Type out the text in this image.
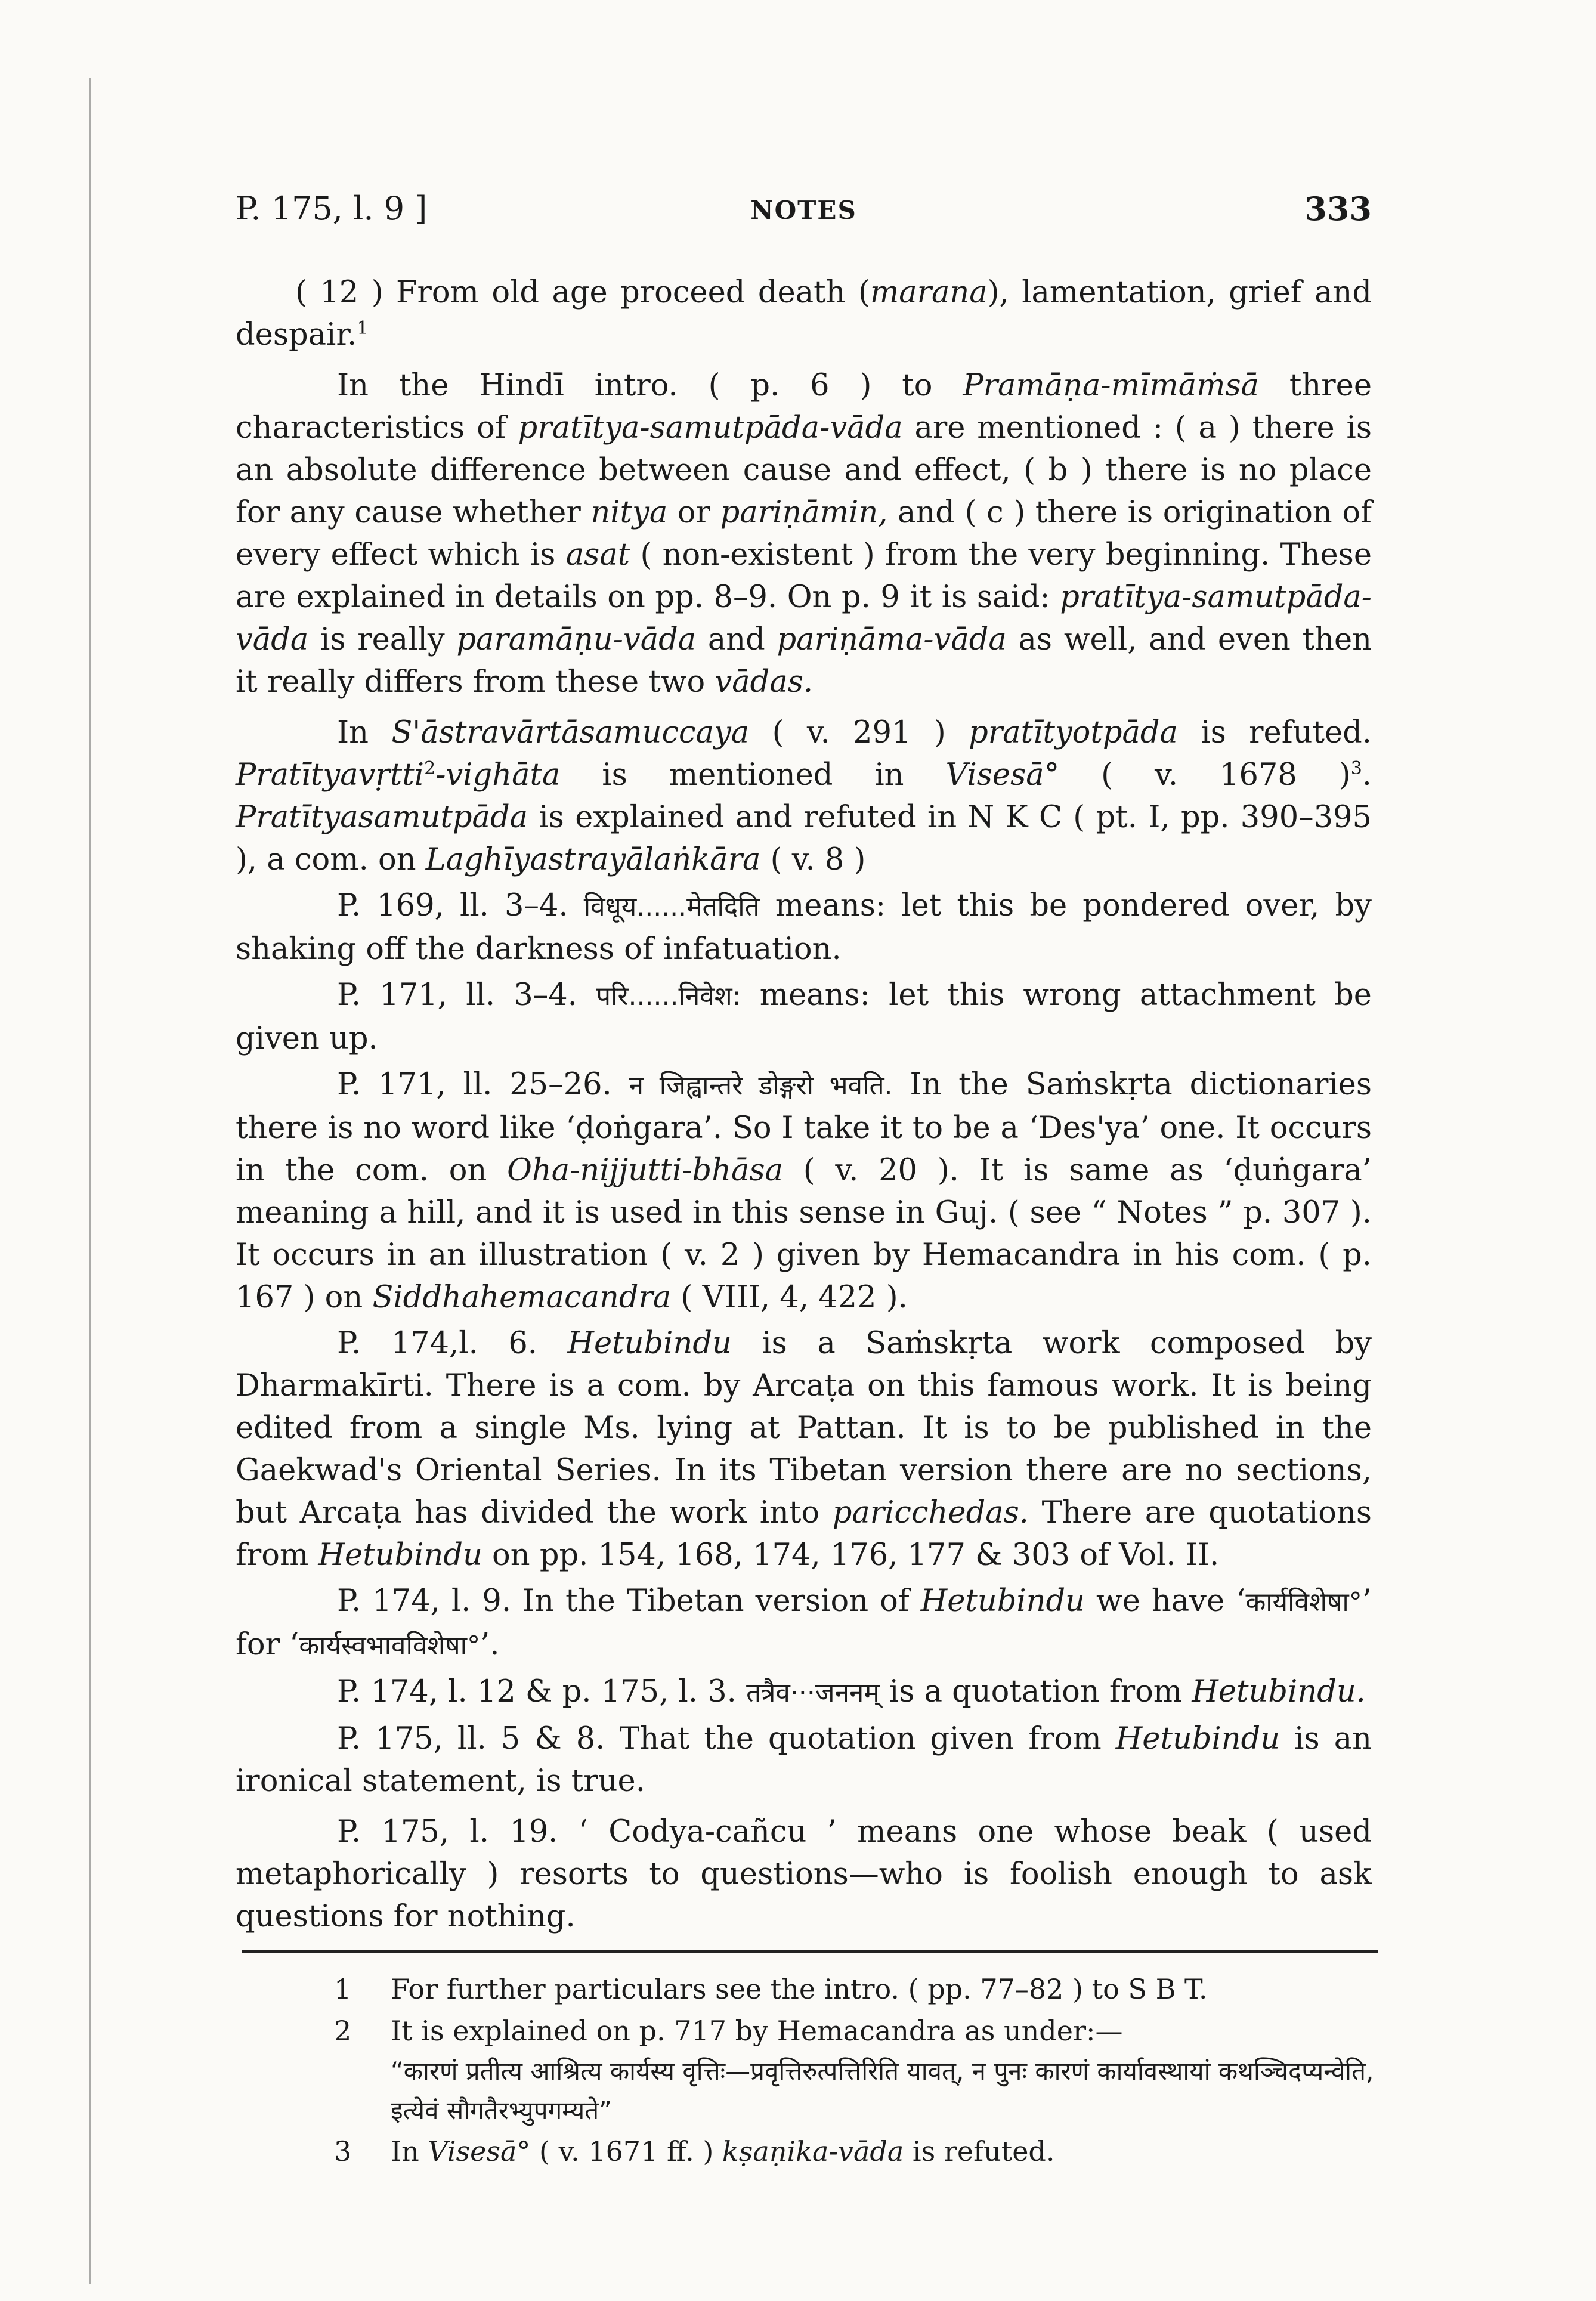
P. 175, l. 9 ]	NOTES	333

( 12 ) From old age proceed death (marana), lamentation, grief and despair.$^1$

In the Hindī intro. ( p. 6 ) to Pramāṇa-mīmāṁsā three characteristics of pratītya-samutpāda-vāda are mentioned : ( a ) there is an absolute difference between cause and effect, ( b ) there is no place for any cause whether nitya or pariṇāmin, and ( c ) there is origination of every effect which is asat ( non-existent ) from the very beginning. These are explained in details on pp. 8–9. On p. 9 it is said: pratītya-samutpāda-vāda is really paramāṇu-vāda and pariṇāma-vāda as well, and even then it really differs from these two vādas.

In S'āstravārtāsamuccaya ( v. 291 ) pratītyotpāda is refuted. Pratītyavṛtti$^2$-vighāta is mentioned in Visesā° ( v. 1678 )$^3$. Pratītyasamutpāda is explained and refuted in N K C ( pt. I, pp. 390–395 ), a com. on Laghīyastrayālaṅkāra ( v. 8 )

P. 169, ll. 3–4. विधूय......मेतदिति means: let this be pondered over, by shaking off the darkness of infatuation.

P. 171, ll. 3–4. परि......निवेश: means: let this wrong attachment be given up.

P. 171, ll. 25–26. न जिह्वान्तरे डोङ्गरो भवति. In the Saṁskṛta dictionaries there is no word like ‘ḍoṅgara’. So I take it to be a ‘Des'ya’ one. It occurs in the com. on Oha-nijjutti-bhāsa ( v. 20 ). It is same as ‘ḍuṅgara’ meaning a hill, and it is used in this sense in Guj. ( see “ Notes ” p. 307 ). It occurs in an illustration ( v. 2 ) given by Hemacandra in his com. ( p. 167 ) on Siddhahemacandra ( VIII, 4, 422 ).

P. 174,l. 6. Hetubindu is a Saṁskṛta work composed by Dharmakīrti. There is a com. by Arcaṭa on this famous work. It is being edited from a single Ms. lying at Pattan. It is to be published in the Gaekwad's Oriental Series. In its Tibetan version there are no sections, but Arcaṭa has divided the work into paricchedas. There are quotations from Hetubindu on pp. 154, 168, 174, 176, 177 & 303 of Vol. II.

P. 174, l. 9. In the Tibetan version of Hetubindu we have ‘कार्यविशेषा°’ for ‘कार्यस्वभावविशेषा°’.

P. 174, l. 12 & p. 175, l. 3. तत्रैव···जननम् is a quotation from Hetubindu.

P. 175, ll. 5 & 8. That the quotation given from Hetubindu is an ironical statement, is true.

P. 175, l. 19. ‘ Codya-cañcu ’ means one whose beak ( used metaphorically ) resorts to questions—who is foolish enough to ask questions for nothing.

1	For further particulars see the intro. ( pp. 77–82 ) to S B T.
2	It is explained on p. 717 by Hemacandra as under:—
“कारणं प्रतीत्य आश्रित्य कार्यस्य वृत्तिः—प्रवृत्तिरुत्पत्तिरिति यावत्, न पुनः कारणं कार्यावस्थायां कथञ्चिदप्यन्वेति, इत्येवं सौगतैरभ्युपगम्यते”
3	In Visesā° ( v. 1671 ff. ) kṣaṇika-vāda is refuted.
